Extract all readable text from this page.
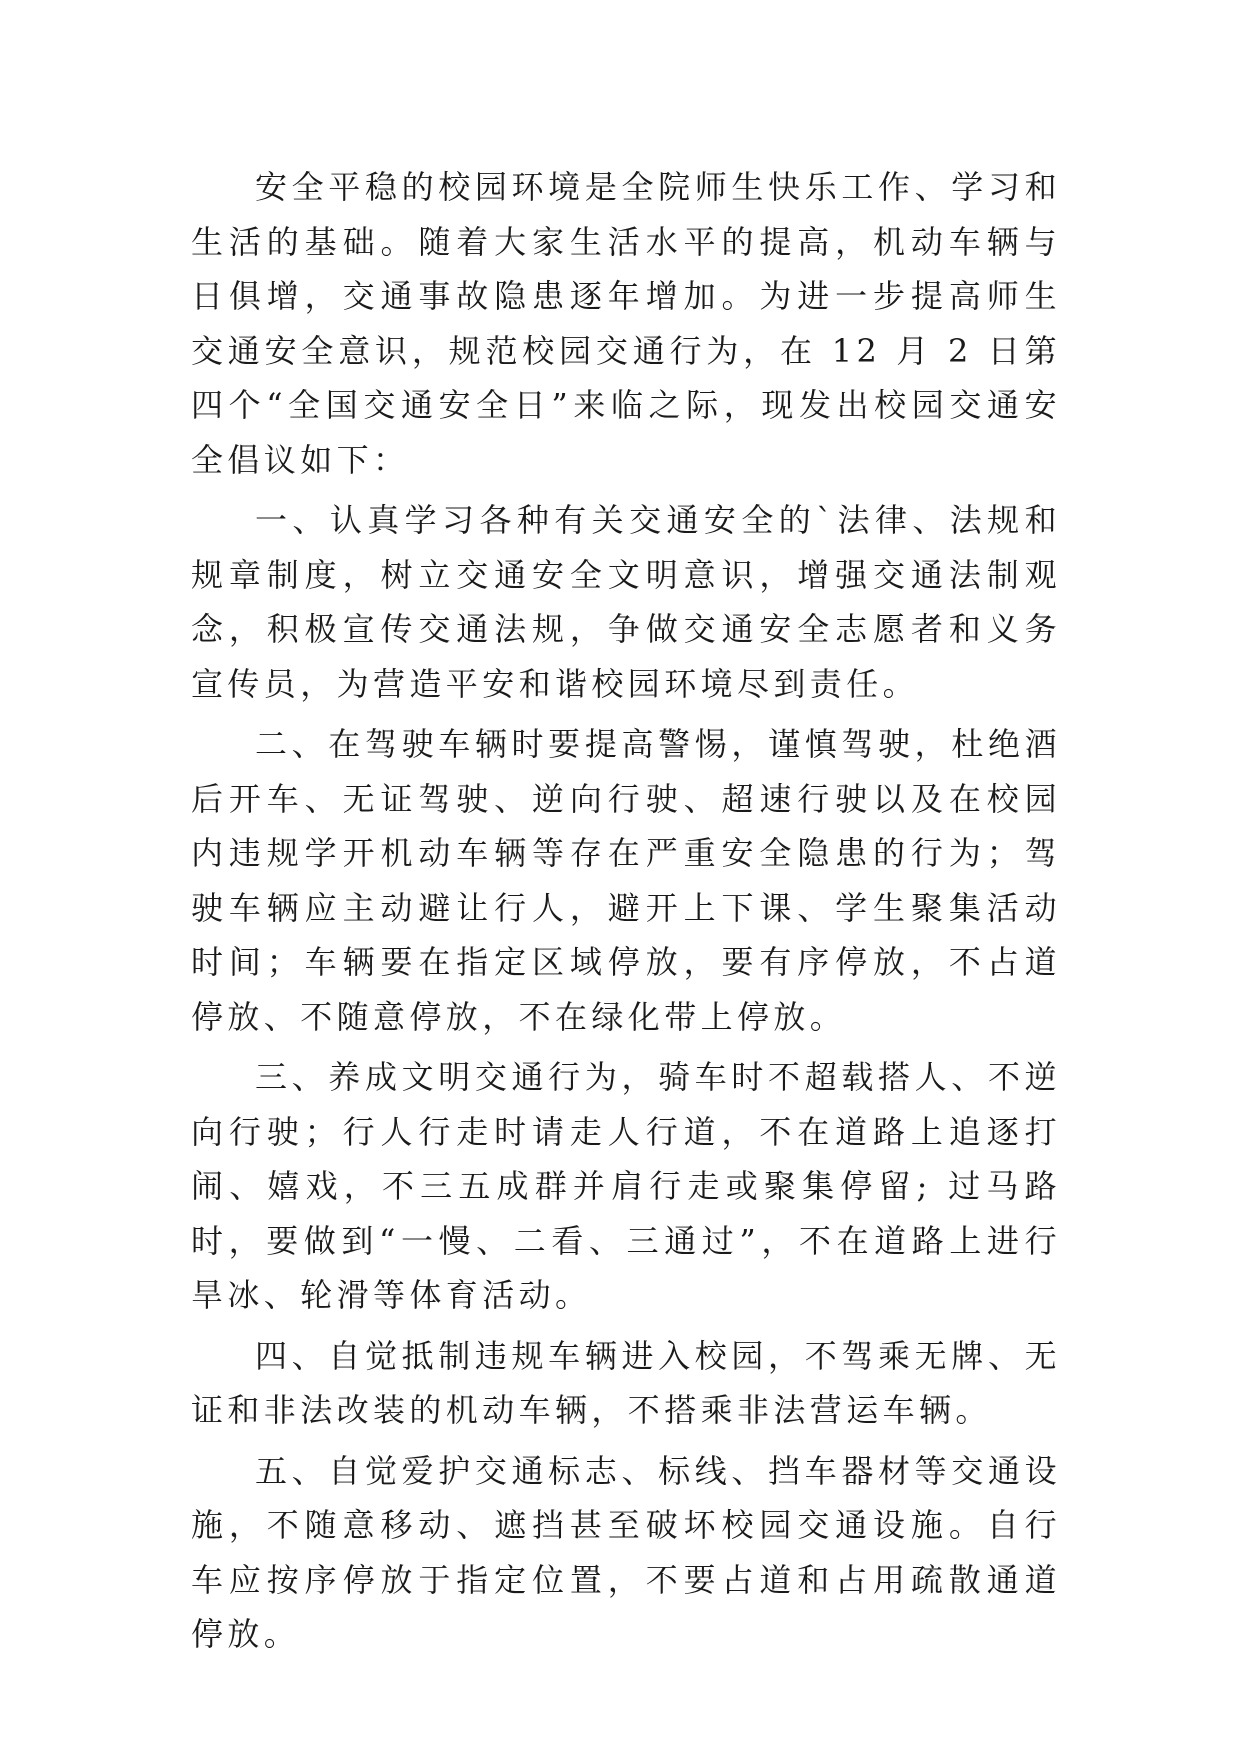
安全平稳的校园环境是全院师生快乐工作、学习和生活的基础。随着大家生活水平的提高，机动车辆与日俱增，交通事故隐患逐年增加。为进一步提高师生交通安全意识，规范校园交通行为，在 12 月 2 日第四个“全国交通安全日”来临之际，现发出校园交通安全倡议如下：

一、认真学习各种有关交通安全的`法律、法规和规章制度，树立交通安全文明意识，增强交通法制观念，积极宣传交通法规，争做交通安全志愿者和义务宣传员，为营造平安和谐校园环境尽到责任。

二、在驾驶车辆时要提高警惕，谨慎驾驶，杜绝酒后开车、无证驾驶、逆向行驶、超速行驶以及在校园内违规学开机动车辆等存在严重安全隐患的行为；驾驶车辆应主动避让行人，避开上下课、学生聚集活动时间；车辆要在指定区域停放，要有序停放，不占道停放、不随意停放，不在绿化带上停放。

三、养成文明交通行为，骑车时不超载搭人、不逆向行驶；行人行走时请走人行道，不在道路上追逐打闹、嬉戏，不三五成群并肩行走或聚集停留; 过马路时，要做到“一慢、二看、三通过”，不在道路上进行旱冰、轮滑等体育活动。

四、自觉抵制违规车辆进入校园，不驾乘无牌、无证和非法改装的机动车辆，不搭乘非法营运车辆。

五、自觉爱护交通标志、标线、挡车器材等交通设施，不随意移动、遮挡甚至破坏校园交通设施。自行车应按序停放于指定位置，不要占道和占用疏散通道停放。
